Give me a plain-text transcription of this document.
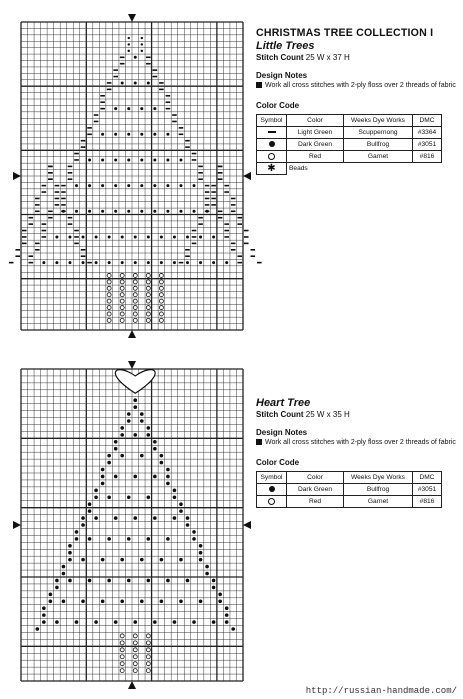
CHRISTMAS TREE COLLECTION I

Little Trees

Stitch Count 25 W x 37 H
Design Notes
Work all cross stitches with 2-ply floss over 2 threads of fabric
Color Code
Symbol	Color	Weeks Dye Works	DMC
	Light Green	Scuppernong	#3364
	Dark Green	Bullfrog	#3051
	Red	Garnet	#816
✱	Beads		

Heart Tree

Stitch Count 25 W x 35 H
Design Notes
Work all cross stitches with 2-ply floss over 2 threads of fabric
Color Code
Symbol	Color	Weeks Dye Works	DMC
	Dark Green	Bullfrog	#3051
	Red	Garnet	#816
http://russian-handmade.com/
